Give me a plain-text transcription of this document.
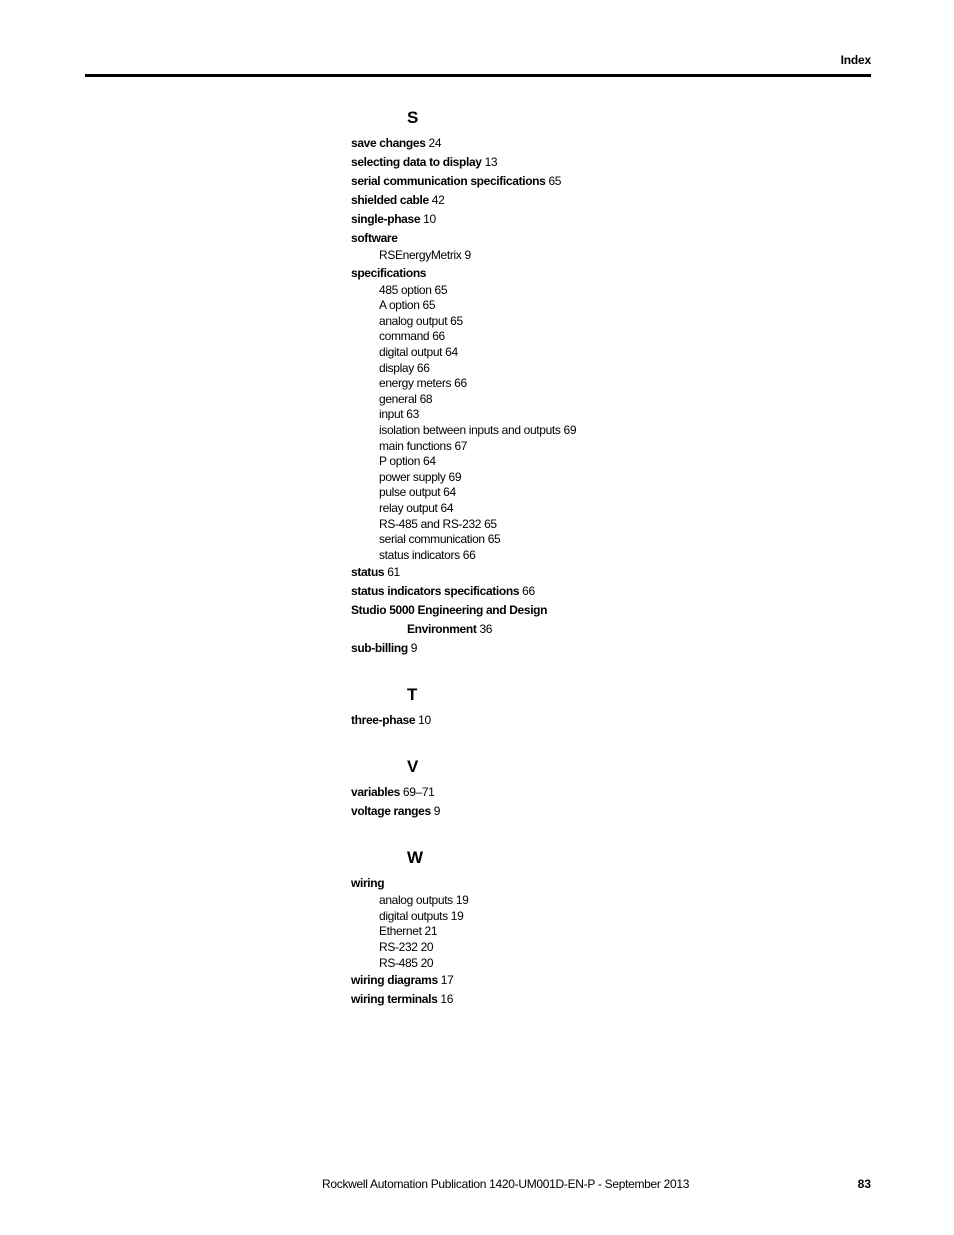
Index
S
save changes 24
selecting data to display 13
serial communication specifications 65
shielded cable 42
single-phase 10
software
RSEnergyMetrix 9
specifications
485 option 65
A option 65
analog output 65
command 66
digital output 64
display 66
energy meters 66
general 68
input 63
isolation between inputs and outputs 69
main functions 67
P option 64
power supply 69
pulse output 64
relay output 64
RS-485 and RS-232 65
serial communication 65
status indicators 66
status 61
status indicators specifications 66
Studio 5000 Engineering and Design
Environment 36
sub-billing 9
T
three-phase 10
V
variables 69–71
voltage ranges 9
W
wiring
analog outputs 19
digital outputs 19
Ethernet 21
RS-232 20
RS-485 20
wiring diagrams 17
wiring terminals 16
Rockwell Automation Publication 1420-UM001D-EN-P - September 2013	83
